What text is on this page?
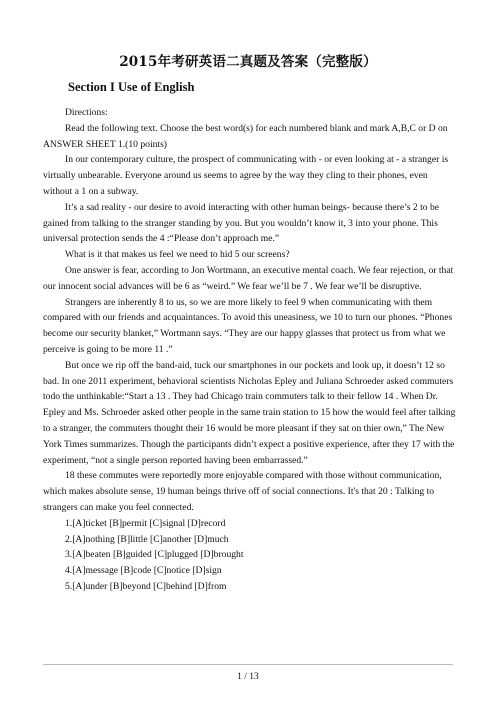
2015年考研英语二真题及答案（完整版）
Section I Use of English

Directions:

Read the following text. Choose the best word(s) for each numbered blank and mark A,B,C or D on ANSWER SHEET 1.(10 points)

In our contemporary culture, the prospect of communicating with - or even looking at - a stranger is virtually unbearable. Everyone around us seems to agree by the way they cling to their phones, even without a 1 on a subway.

It’s a sad reality - our desire to avoid interacting with other human beings- because there’s 2 to be gained from talking to the stranger standing by you. But you wouldn’t know it, 3 into your phone. This universal protection sends the 4 :“Please don’t approach me.”

What is it that makes us feel we need to hid 5 our screens?

One answer is fear, according to Jon Wortmann, an executive mental coach. We fear rejection, or that our innocent social advances will be 6 as “weird.” We fear we’ll be 7 . We fear we’ll be disruptive.

Strangers are inherently 8 to us, so we are more likely to feel 9 when communicating with them compared with our friends and acquaintances. To avoid this uneasiness, we 10 to turn our phones. “Phones become our security blanket,” Wortmann says. “They are our happy glasses that protect us from what we perceive is going to be more 11 .”

But once we rip off the band-aid, tuck our smartphones in our pockets and look up, it doesn’t 12 so bad. In one 2011 experiment, behavioral scientists Nicholas Epley and Juliana Schroeder asked commuters todo the unthinkable:“Start a 13 . They had Chicago train commuters talk to their fellow 14 . When Dr. Epley and Ms. Schroeder asked other people in the same train station to 15 how the would feel after talking to a stranger, the commuters thought their 16 would be more pleasant if they sat on thier own,” The New York Times summarizes. Though the participants didn’t expect a positive experience, after they 17 with the experiment, “not a single person reported having been embarrassed.”

18 these commutes were reportedly more enjoyable compared with those without communication, which makes absolute sense, 19 human beings thrive off of social connections. It's that 20 : Talking to strangers can make you feel connected.

1.[A]ticket [B]permit [C]signal [D]record

2.[A]nothing [B]little [C]another [D]much

3.[A]beaten [B]guided [C]plugged [D]brought

4.[A]message [B]code [C]notice [D]sign

5.[A]under [B]beyond [C]behind [D]from

1 / 13
